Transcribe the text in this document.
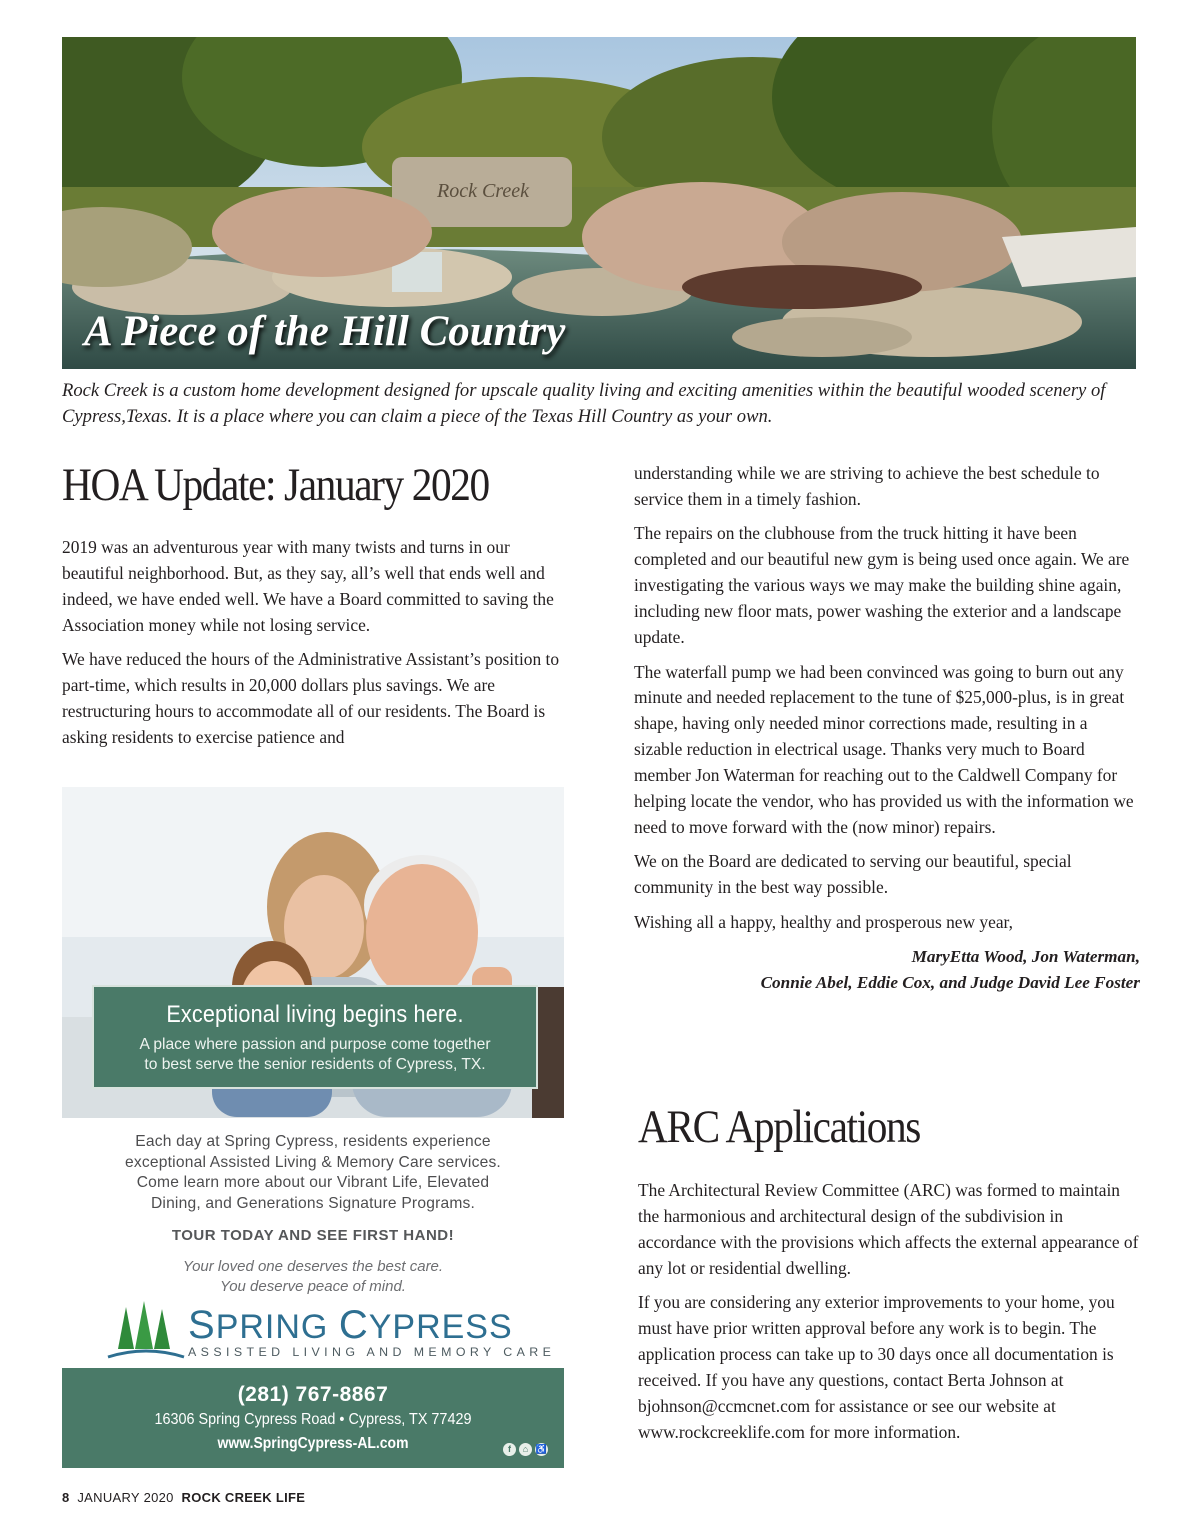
Rock Creek
A Piece of the Hill Country
Rock Creek is a custom home development designed for upscale quality living and exciting amenities within the beautiful wooded scenery of Cypress,Texas. It is a place where you can claim a piece of the Texas Hill Country as your own.
HOA Update: January 2020

2019 was an adventurous year with many twists and turns in our beautiful neighborhood. But, as they say, all’s well that ends well and indeed, we have ended well. We have a Board committed to saving the Association money while not losing service.

We have reduced the hours of the Administrative Assistant’s position to part-time, which results in 20,000 dollars plus savings. We are restructuring hours to accommodate all of our residents. The Board is asking residents to exercise patience and

understanding while we are striving to achieve the best schedule to service them in a timely fashion.

The repairs on the clubhouse from the truck hitting it have been completed and our beautiful new gym is being used once again. We are investigating the various ways we may make the building shine again, including new floor mats, power washing the exterior and a landscape update.

The waterfall pump we had been convinced was going to burn out any minute and needed replacement to the tune of $25,000-plus, is in great shape, having only needed minor corrections made, resulting in a sizable reduction in electrical usage. Thanks very much to Board member Jon Waterman for reaching out to the Caldwell Company for helping locate the vendor, who has provided us with the information we need to move forward with the (now minor) repairs.

We on the Board are dedicated to serving our beautiful, special community in the best way possible.

Wishing all a happy, healthy and prosperous new year,

MaryEtta Wood, Jon Waterman,
Connie Abel, Eddie Cox, and Judge David Lee Foster
ARC Applications

The Architectural Review Committee (ARC) was formed to maintain the harmonious and architectural design of the subdivision in accordance with the provisions which affects the external appearance of any lot or residential dwelling.

If you are considering any exterior improvements to your home, you must have prior written approval before any work is to begin. The application process can take up to 30 days once all documentation is received. If you have any questions, contact Berta Johnson at bjohnson@ccmcnet.com for assistance or see our website at www.rockcreeklife.com for more information.

Exceptional living begins here.
A place where passion and purpose come together
to best serve the senior residents of Cypress, TX.
Each day at Spring Cypress, residents experience
exceptional Assisted Living & Memory Care services.
Come learn more about our Vibrant Life, Elevated
Dining, and Generations Signature Programs.
TOUR TODAY AND SEE FIRST HAND!
Your loved one deserves the best care.
You deserve peace of mind.
SPRING CYPRESS
ASSISTED LIVING AND MEMORY CARE
(281) 767-8867
16306 Spring Cypress Road • Cypress, TX 77429
www.SpringCypress-AL.com	f	⌂ ♿
8 JANUARY 2020 ROCK CREEK LIFE
